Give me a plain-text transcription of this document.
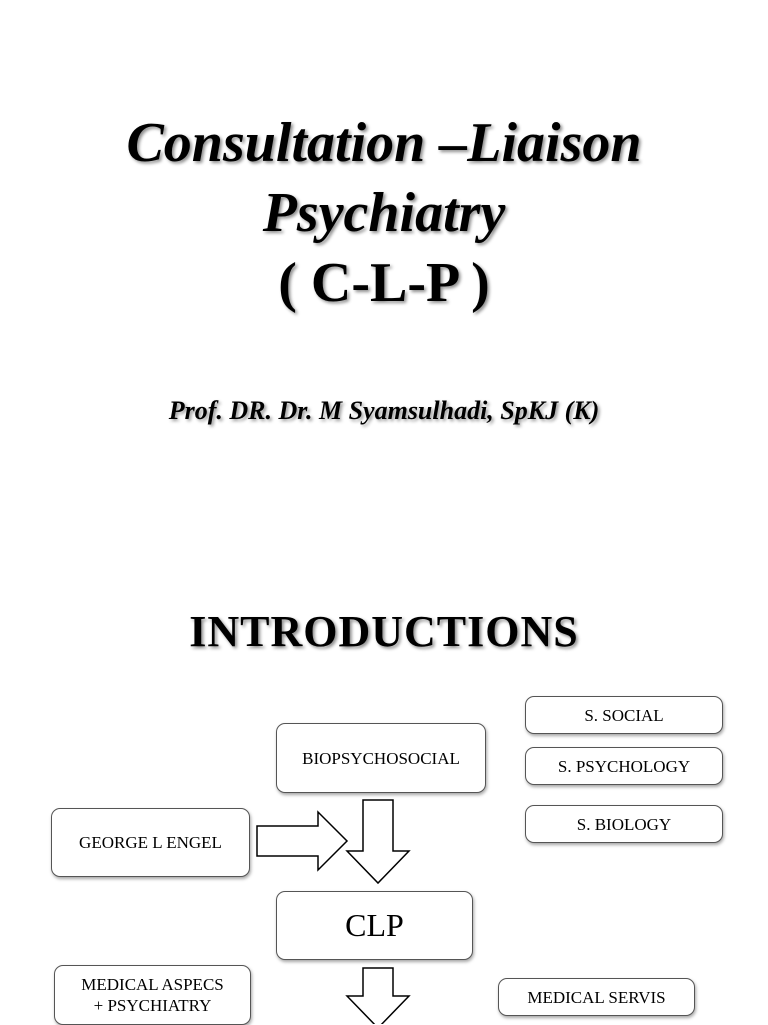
Consultation –Liaison
Psychiatry
( C-L-P )
Prof. DR. Dr. M Syamsulhadi, SpKJ (K)
INTRODUCTIONS
S. SOCIAL
S. PSYCHOLOGY
S. BIOLOGY
BIOPSYCHOSOCIAL
GEORGE L ENGEL
CLP
MEDICAL ASPECS
+ PSYCHIATRY	MEDICAL SERVIS
